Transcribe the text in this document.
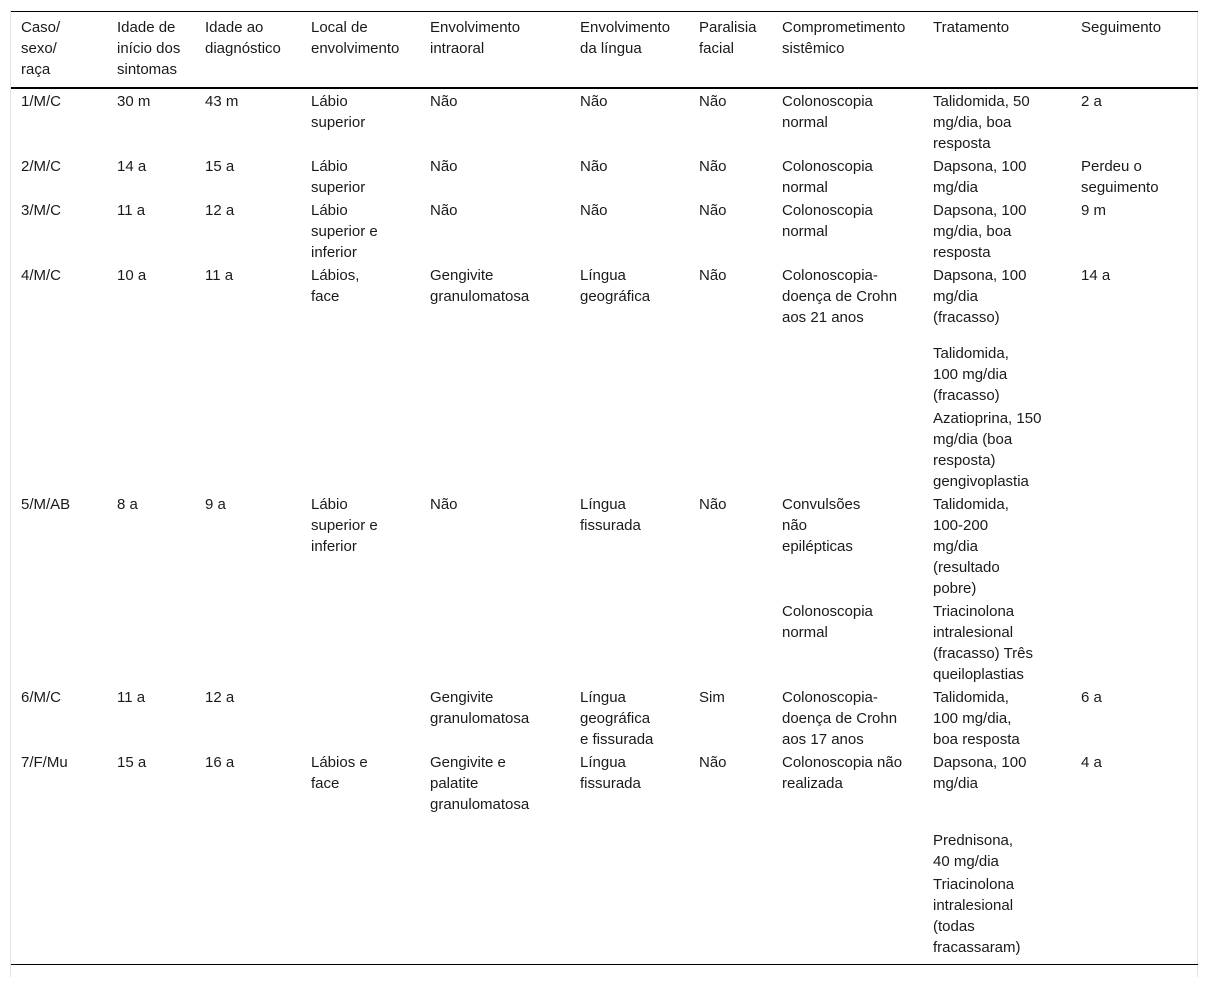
Caso/ sexo/ raça	Idade de início dos sintomas	Idade ao diagnóstico	Local de envolvimento	Envolvimento intraoral	Envolvimento da língua	Paralisia facial	Comprometimento sistêmico	Tratamento	Seguimento
1/M/C	30 m	43 m	Lábio superior	Não	Não	Não	Colonoscopia normal	Talidomida, 50 mg/dia, boa resposta	2 a
2/M/C	14 a	15 a	Lábio superior	Não	Não	Não	Colonoscopia normal	Dapsona, 100 mg/dia	Perdeu o seguimento
3/M/C	11 a	12 a	Lábio superior e inferior	Não	Não	Não	Colonoscopia normal	Dapsona, 100 mg/dia, boa resposta	9 m
4/M/C	10 a	11 a	Lábios, face	Gengivite granulomatosa	Língua geográfica	Não	Colonoscopia-doença de Crohn aos 21 anos	Dapsona, 100 mg/dia (fracasso)	14 a
								Talidomida, 100 mg/dia (fracasso)	
								Azatioprina, 150 mg/dia (boa resposta) gengivoplastia	
5/M/AB	8 a	9 a	Lábio superior e inferior	Não	Língua fissurada	Não	Convulsões não epilépticas	Talidomida, 100-200 mg/dia (resultado pobre)	
							Colonoscopia normal	Triacinolona intralesional (fracasso) Três queiloplastias	
6/M/C	11 a	12 a		Gengivite granulomatosa	Língua geográfica e fissurada	Sim	Colonoscopia-doença de Crohn aos 17 anos	Talidomida, 100 mg/dia, boa resposta	6 a
7/F/Mu	15 a	16 a	Lábios e face	Gengivite e palatite granulomatosa	Língua fissurada	Não	Colonoscopia não realizada	Dapsona, 100 mg/dia	4 a
								Prednisona, 40 mg/dia	
								Triacinolona intralesional (todas fracassaram)	
